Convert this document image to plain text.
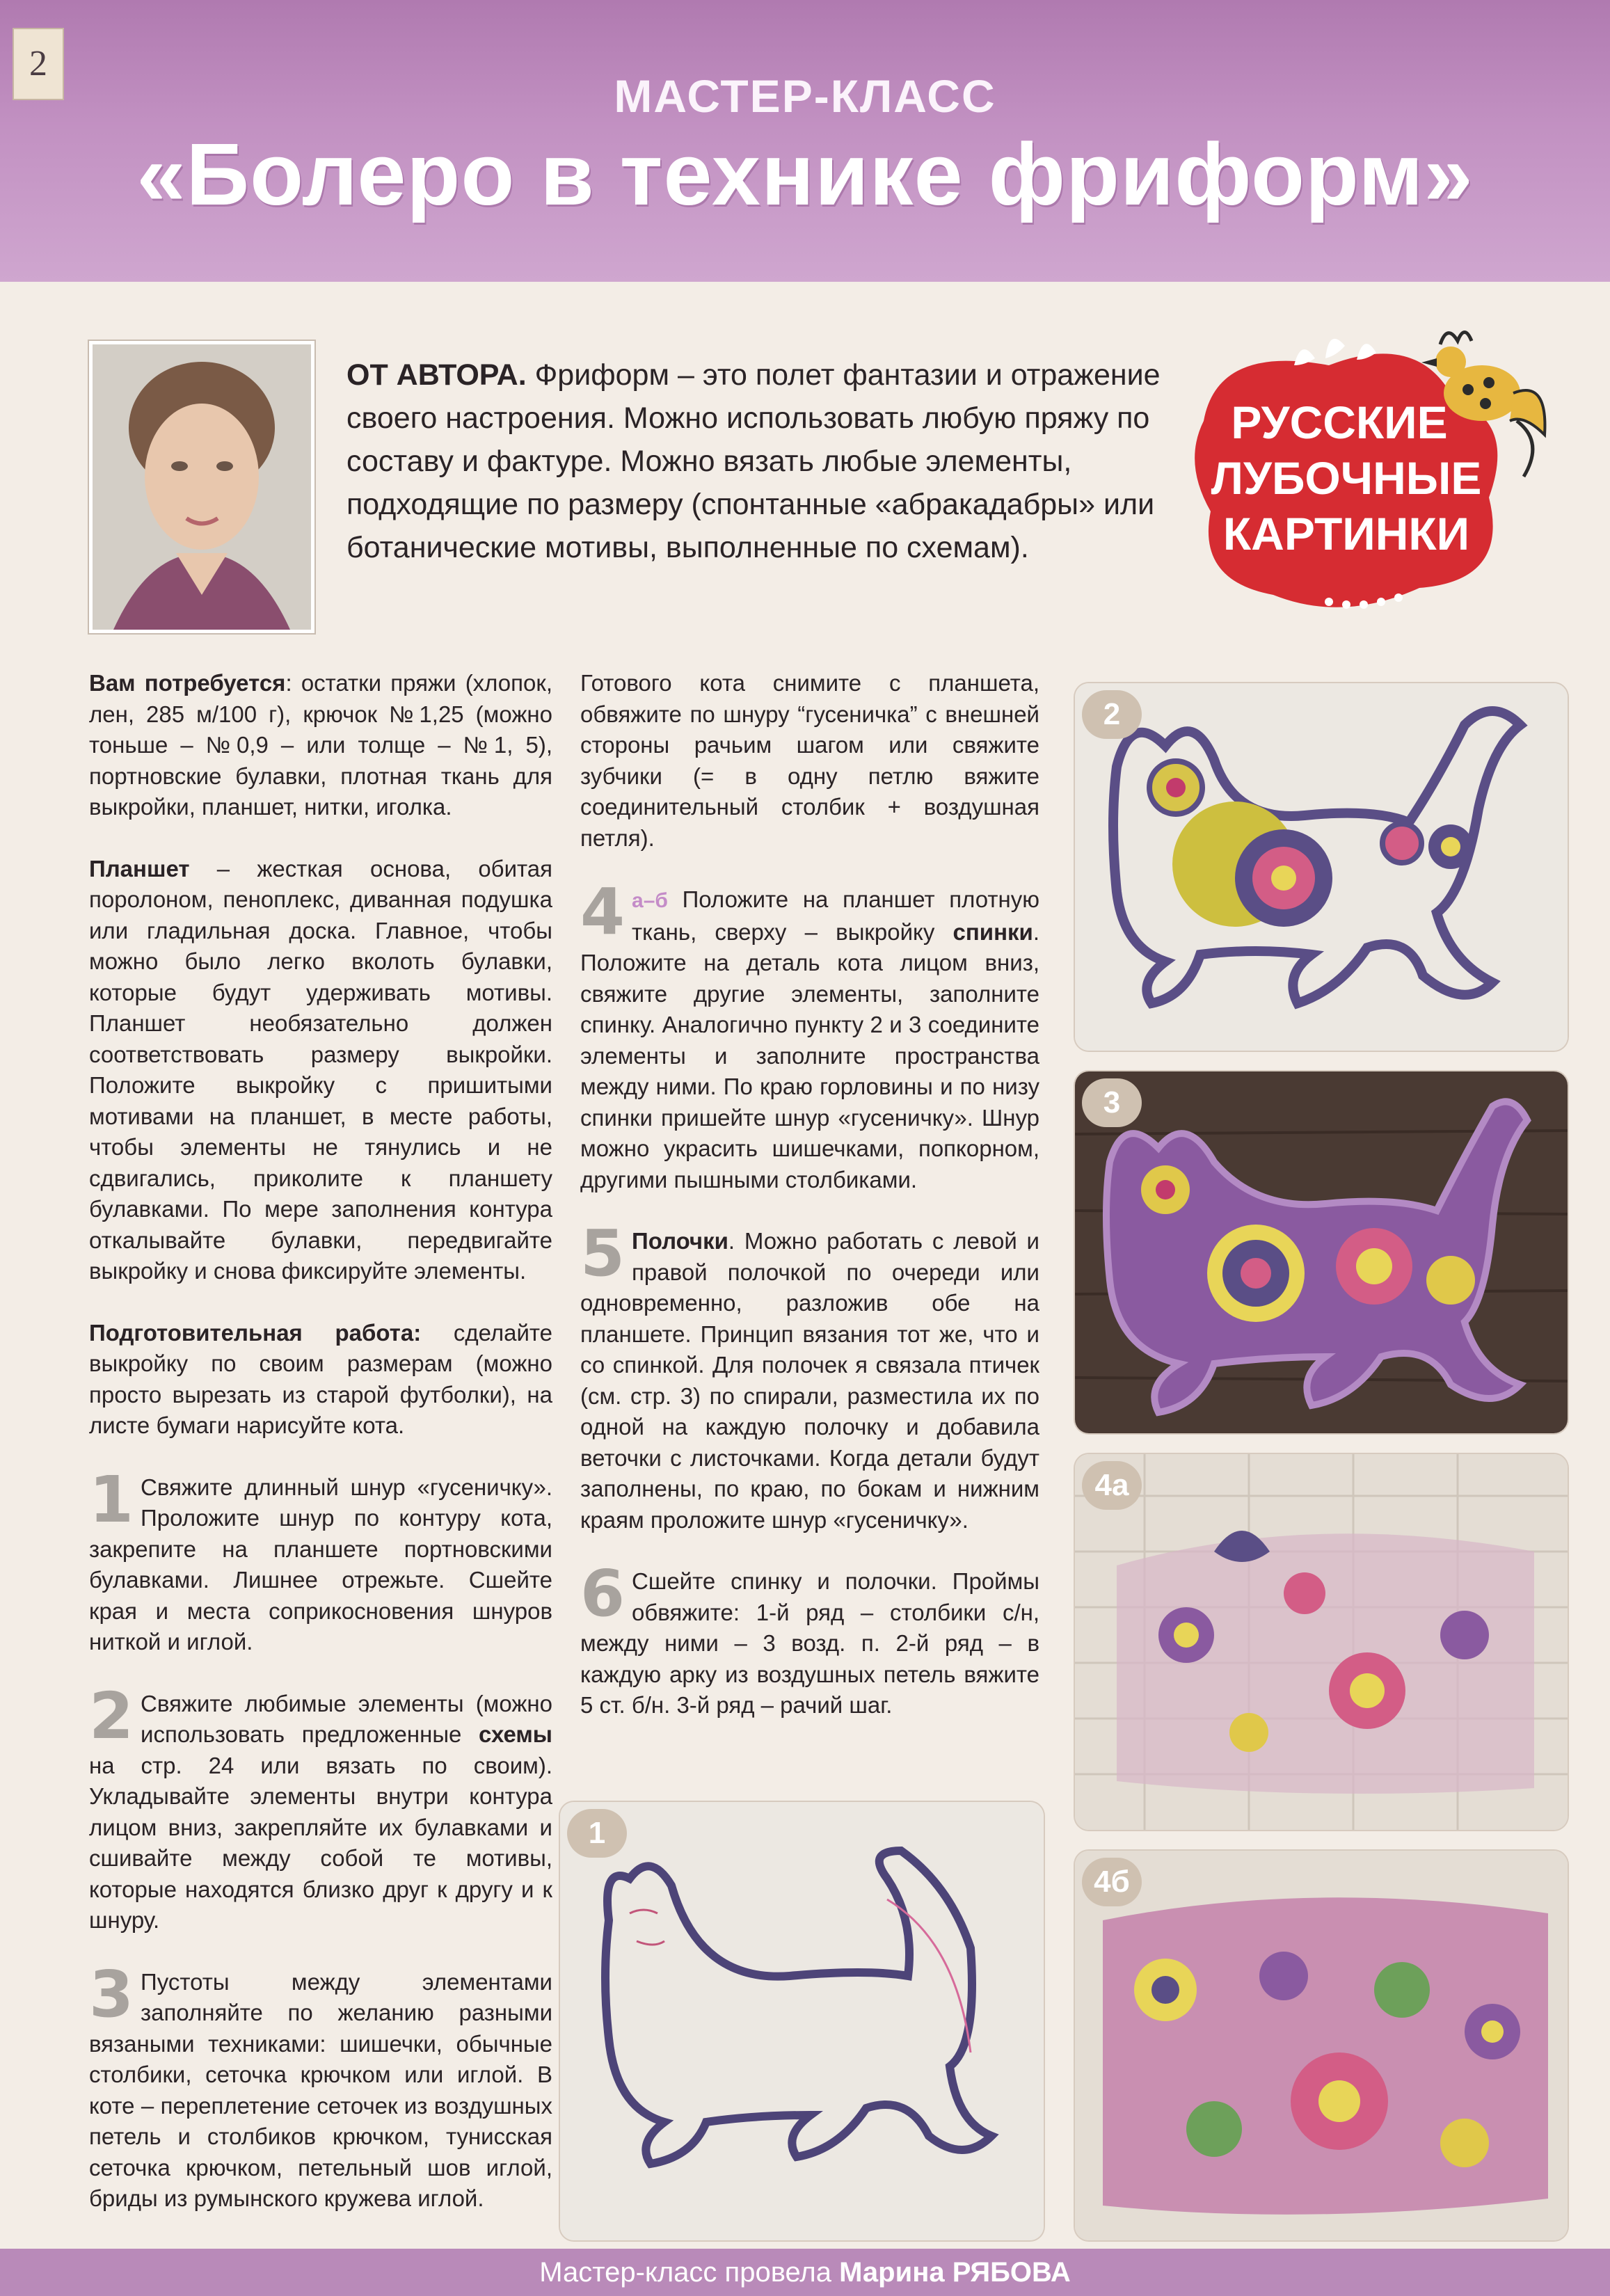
2
МАСТЕР-КЛАСС
«Болеро в технике фриформ»
ОТ АВТОРА. Фриформ – это полет фантазии и отражение своего настроения. Можно использовать любую пряжу по составу и фактуре. Можно вязать любые элементы, подходящие по размеру (спонтанные «абракадабры» или ботанические мотивы, выполненные по схемам).
РУССКИЕ
ЛУБОЧНЫЕ
КАРТИНКИ

Вам потребуется: остатки пряжи (хлопок, лен, 285 м/100 г), крючок №1,25 (можно тоньше – №0,9 – или толще – №1, 5), портновские булавки, плотная ткань для выкройки, планшет, нитки, иголка.

Планшет – жесткая основа, обитая поролоном, пеноплекс, диванная подушка или гладильная доска. Главное, чтобы можно было легко вколоть булавки, которые будут удерживать мотивы. Планшет необязательно должен соответствовать размеру выкройки. Положите выкройку с пришитыми мотивами на планшет, в месте работы, чтобы элементы не тянулись и не сдвигались, приколите к планшету булавками. По мере заполнения контура откалывайте булавки, передвигайте выкройку и снова фиксируйте элементы.

Подготовительная работа: сделайте выкройку по своим размерам (можно просто вырезать из старой футболки), на листе бумаги нарисуйте кота.

1 Свяжите длинный шнур «гусеничку». Проложите шнур по контуру кота, закрепите на планшете портновскими булавками. Лишнее отрежьте. Сшейте края и места соприкосновения шнуров ниткой и иглой.

2 Свяжите любимые элементы (можно использовать предложенные схемы на стр. 24 или вязать по своим). Укладывайте элементы внутри контура лицом вниз, закрепляйте их булавками и сшивайте между собой те мотивы, которые находятся близко друг к другу и к шнуру.

3 Пустоты между элементами заполняйте по желанию разными вязаными техниками: шишечки, обычные столбики, сеточка крючком или иглой. В коте – переплетение сеточек из воздушных петель и столбиков крючком, тунисская сеточка крючком, петельный шов иглой, бриды из румынского кружева иглой.

Готового кота снимите с планшета, обвяжите по шнуру “гусеничка” с внешней стороны рачьим шагом или свяжите зубчики (= в одну петлю вяжите соединительный столбик + воздушная петля).

4 а–б Положите на планшет плотную ткань, сверху – выкройку спинки. Положите на деталь кота лицом вниз, свяжите другие элементы, заполните спинку. Аналогично пункту 2 и 3 соедините элементы и заполните пространства между ними. По краю горловины и по низу спинки пришейте шнур «гусеничку». Шнур можно украсить шишечками, попкорном, другими пышными столбиками.

5 Полочки. Можно работать с левой и правой полочкой по очереди или одновременно, разложив обе на планшете. Принцип вязания тот же, что и со спинкой. Для полочек я связала птичек (см. стр. 3) по спирали, разместила их по одной на каждую полочку и добавила веточки с листочками. Когда детали будут заполнены, по краю, по бокам и нижним краям проложите шнур «гусеничку».

6 Сшейте спинку и полочки. Проймы обвяжите: 1-й ряд – столбики с/н, между ними – 3 возд. п. 2-й ряд – в каждую арку из воздушных петель вяжите 5 ст. б/н. 3-й ряд – рачий шаг.

2
3
4а
4б
1
Мастер-класс провела Марина РЯБОВА
